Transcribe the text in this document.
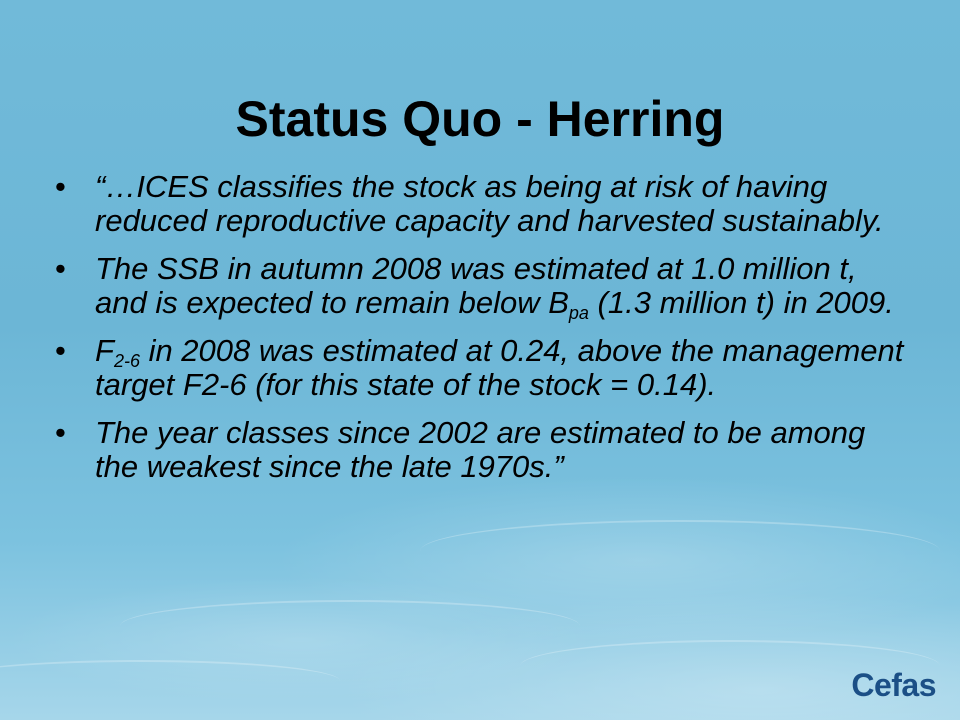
Status Quo - Herring
• “…ICES classifies the stock as being at risk of having reduced reproductive capacity and harvested sustainably.
• The SSB in autumn 2008 was estimated at 1.0 million t, and is expected to remain below $B_{pa}$ (1.3 million t) in 2009.
• $F_{2-6}$ in 2008 was estimated at 0.24, above the management target F2-6 (for this state of the stock = 0.14).
• The year classes since 2002 are estimated to be among the weakest since the late 1970s.”
Cefas
